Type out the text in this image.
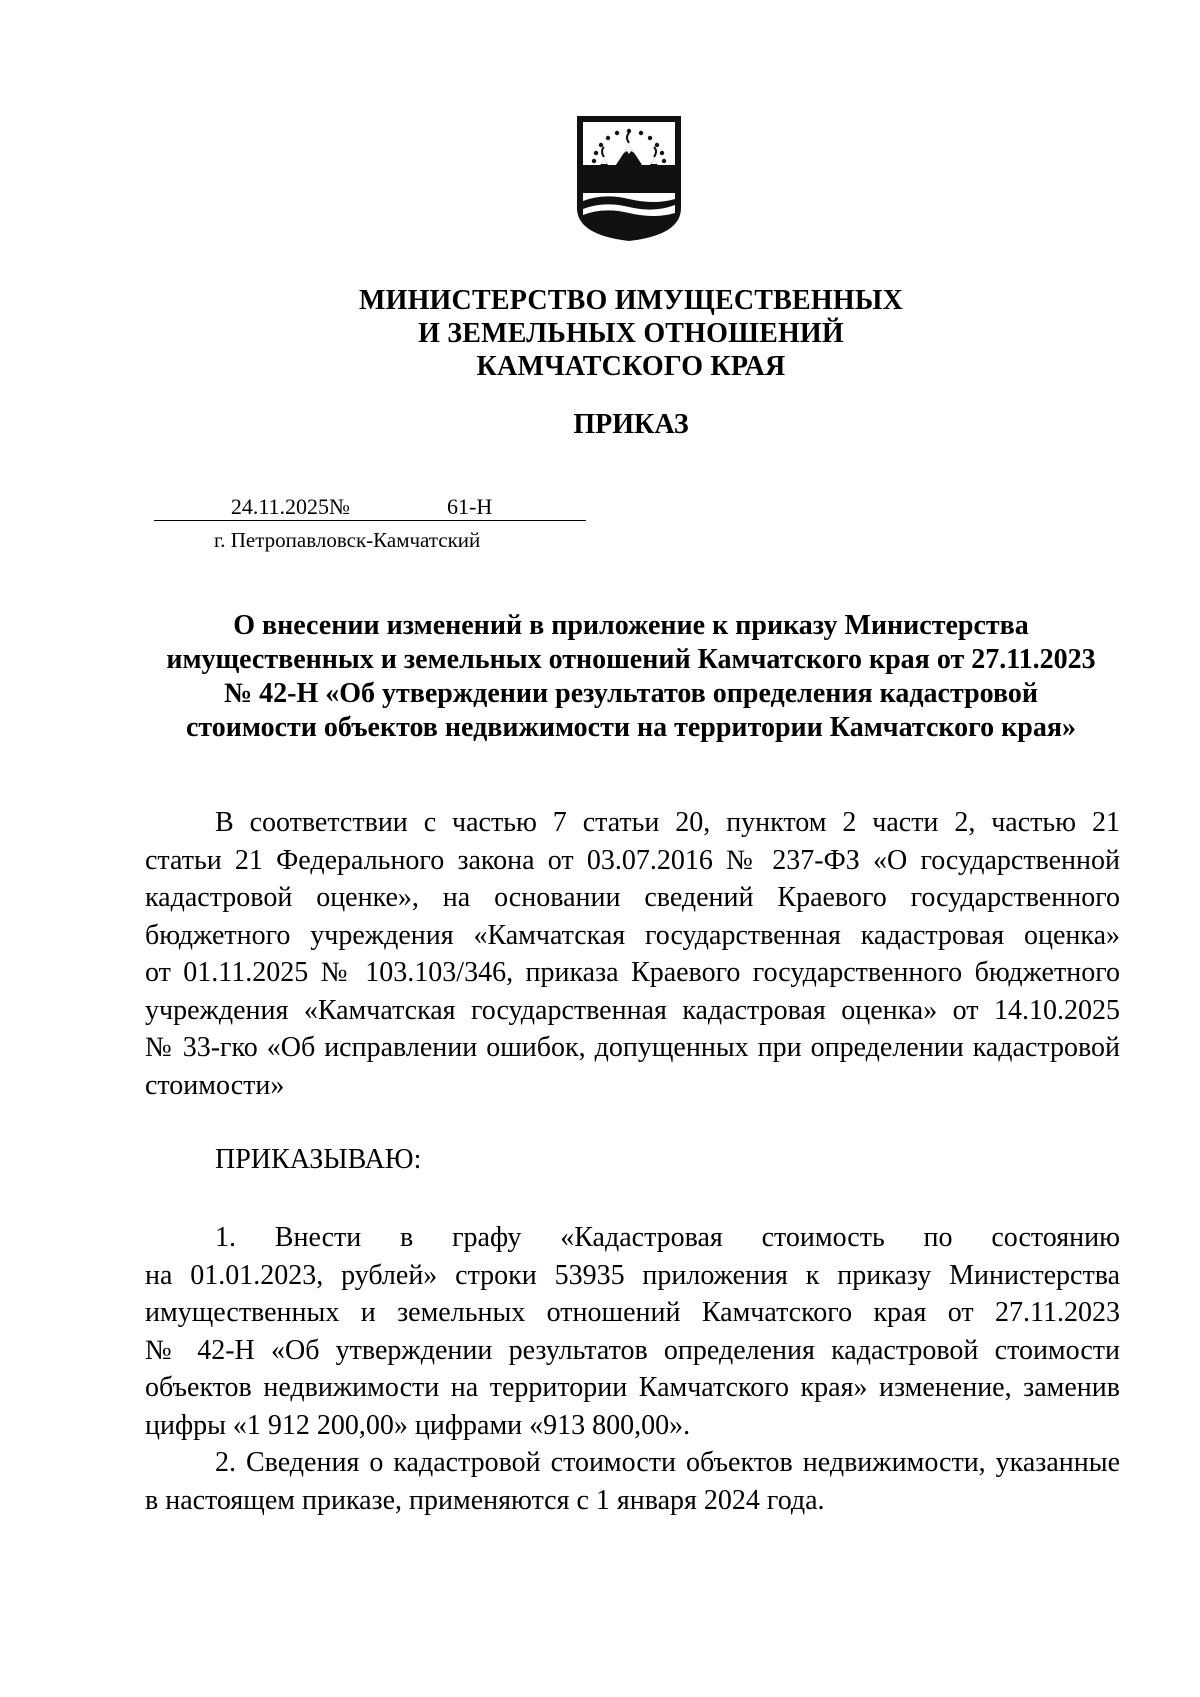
МИНИСТЕРСТВО ИМУЩЕСТВЕННЫХ
И ЗЕМЕЛЬНЫХ ОТНОШЕНИЙ
КАМЧАТСКОГО КРАЯ
ПРИКАЗ
24.11.2025 №	61-Н
г. Петропавловск-Камчатский
О внесении изменений в приложение к приказу Министерства
имущественных и земельных отношений Камчатского края от 27.11.2023
№ 42-Н «Об утверждении результатов определения кадастровой
стоимости объектов недвижимости на территории Камчатского края»
В соответствии с частью 7 статьи 20, пунктом 2 части 2, частью 21
статьи 21 Федерального закона от 03.07.2016 № 237-ФЗ «О государственной
кадастровой оценке», на основании сведений Краевого государственного
бюджетного учреждения «Камчатская государственная кадастровая оценка»
от 01.11.2025 № 103.103/346, приказа Краевого государственного бюджетного
учреждения «Камчатская государственная кадастровая оценка» от 14.10.2025
№ 33-гко «Об исправлении ошибок, допущенных при определении кадастровой
стоимости»
ПРИКАЗЫВАЮ:
1. Внести в графу «Кадастровая стоимость по состоянию
на 01.01.2023, рублей» строки 53935 приложения к приказу Министерства
имущественных и земельных отношений Камчатского края от 27.11.2023
№ 42-Н «Об утверждении результатов определения кадастровой стоимости
объектов недвижимости на территории Камчатского края» изменение, заменив
цифры «1 912 200,00» цифрами «913 800,00».
2. Сведения о кадастровой стоимости объектов недвижимости, указанные
в настоящем приказе, применяются с 1 января 2024 года.
